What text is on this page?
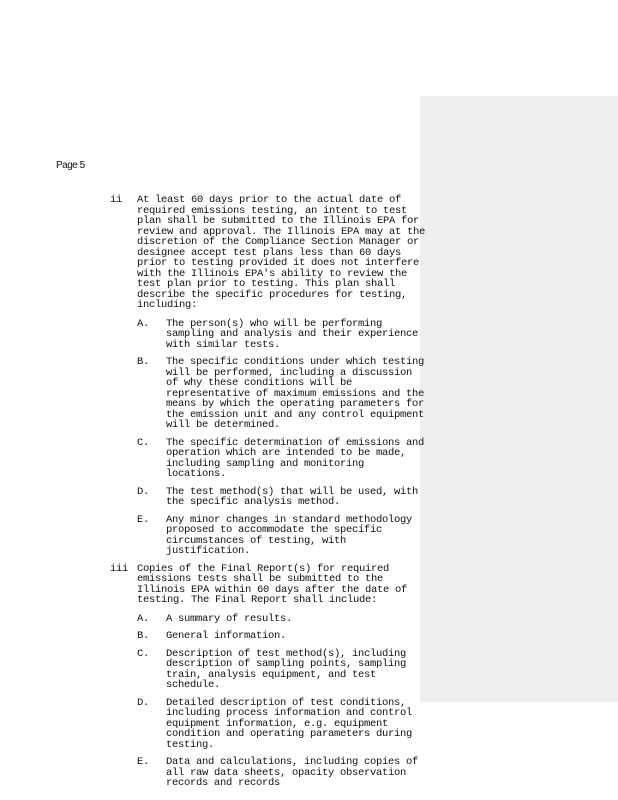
Page 5
ii At least 60 days prior to the actual date of required emissions testing, an intent to test plan shall be submitted to the Illinois EPA for review and approval. The Illinois EPA may at the discretion of the Compliance Section Manager or designee accept test plans less than 60 days prior to testing provided it does not interfere with the Illinois EPA's ability to review the test plan prior to testing. This plan shall describe the specific procedures for testing, including:
A. The person(s) who will be performing sampling and analysis and their experience with similar tests.
B. The specific conditions under which testing will be performed, including a discussion of why these conditions will be representative of maximum emissions and the means by which the operating parameters for the emission unit and any control equipment will be determined.
C. The specific determination of emissions and operation which are intended to be made, including sampling and monitoring locations.
D. The test method(s) that will be used, with the specific analysis method.
E. Any minor changes in standard methodology proposed to accommodate the specific circumstances of testing, with justification.
iii Copies of the Final Report(s) for required emissions tests shall be submitted to the Illinois EPA within 60 days after the date of testing. The Final Report shall include:
A. A summary of results.
B. General information.
C. Description of test method(s), including description of sampling points, sampling train, analysis equipment, and test schedule.
D. Detailed description of test conditions, including process information and control equipment information, e.g. equipment condition and operating parameters during testing.
E. Data and calculations, including copies of all raw data sheets, opacity observation records and records
